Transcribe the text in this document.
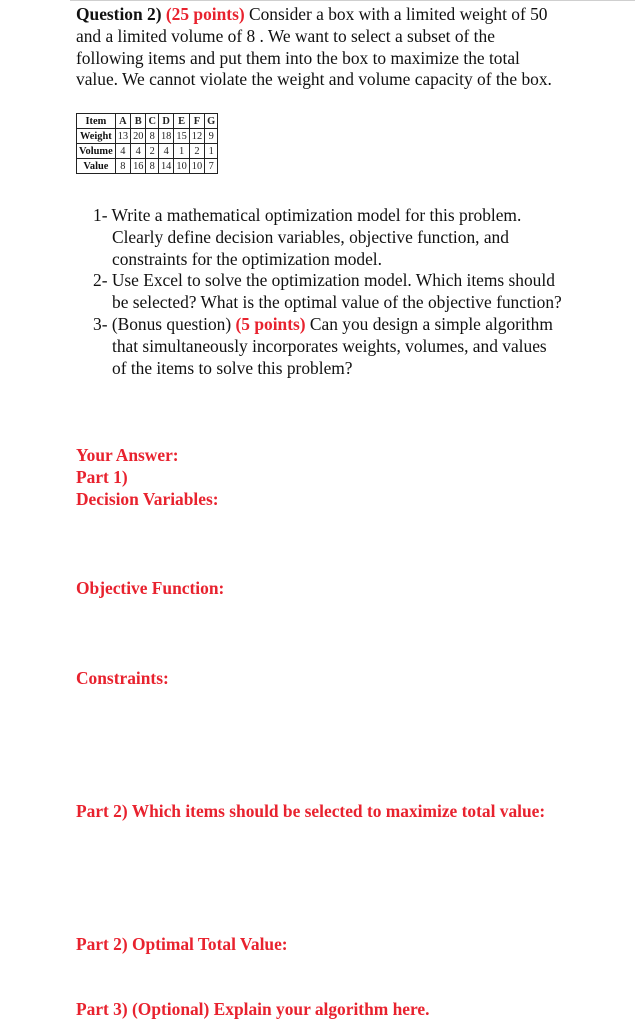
Question 2) (25 points) Consider a box with a limited weight of 50 and a limited volume of 8 . We want to select a subset of the following items and put them into the box to maximize the total value. We cannot violate the weight and volume capacity of the box.
Item	A	B	C	D	E	F	G
Weight	13	20	8	18	15	12	9
Volume	4	4	2	4	1	2	1
Value	8	16	8	14	10	10	7
1- Write a mathematical optimization model for this problem. Clearly define decision variables, objective function, and constraints for the optimization model.
2- Use Excel to solve the optimization model. Which items should be selected? What is the optimal value of the objective function?
3- (Bonus question) (5 points) Can you design a simple algorithm that simultaneously incorporates weights, volumes, and values of the items to solve this problem?
Your Answer:
Part 1)
Decision Variables:
Objective Function:
Constraints:
Part 2) Which items should be selected to maximize total value:
Part 2) Optimal Total Value:
Part 3) (Optional) Explain your algorithm here.
